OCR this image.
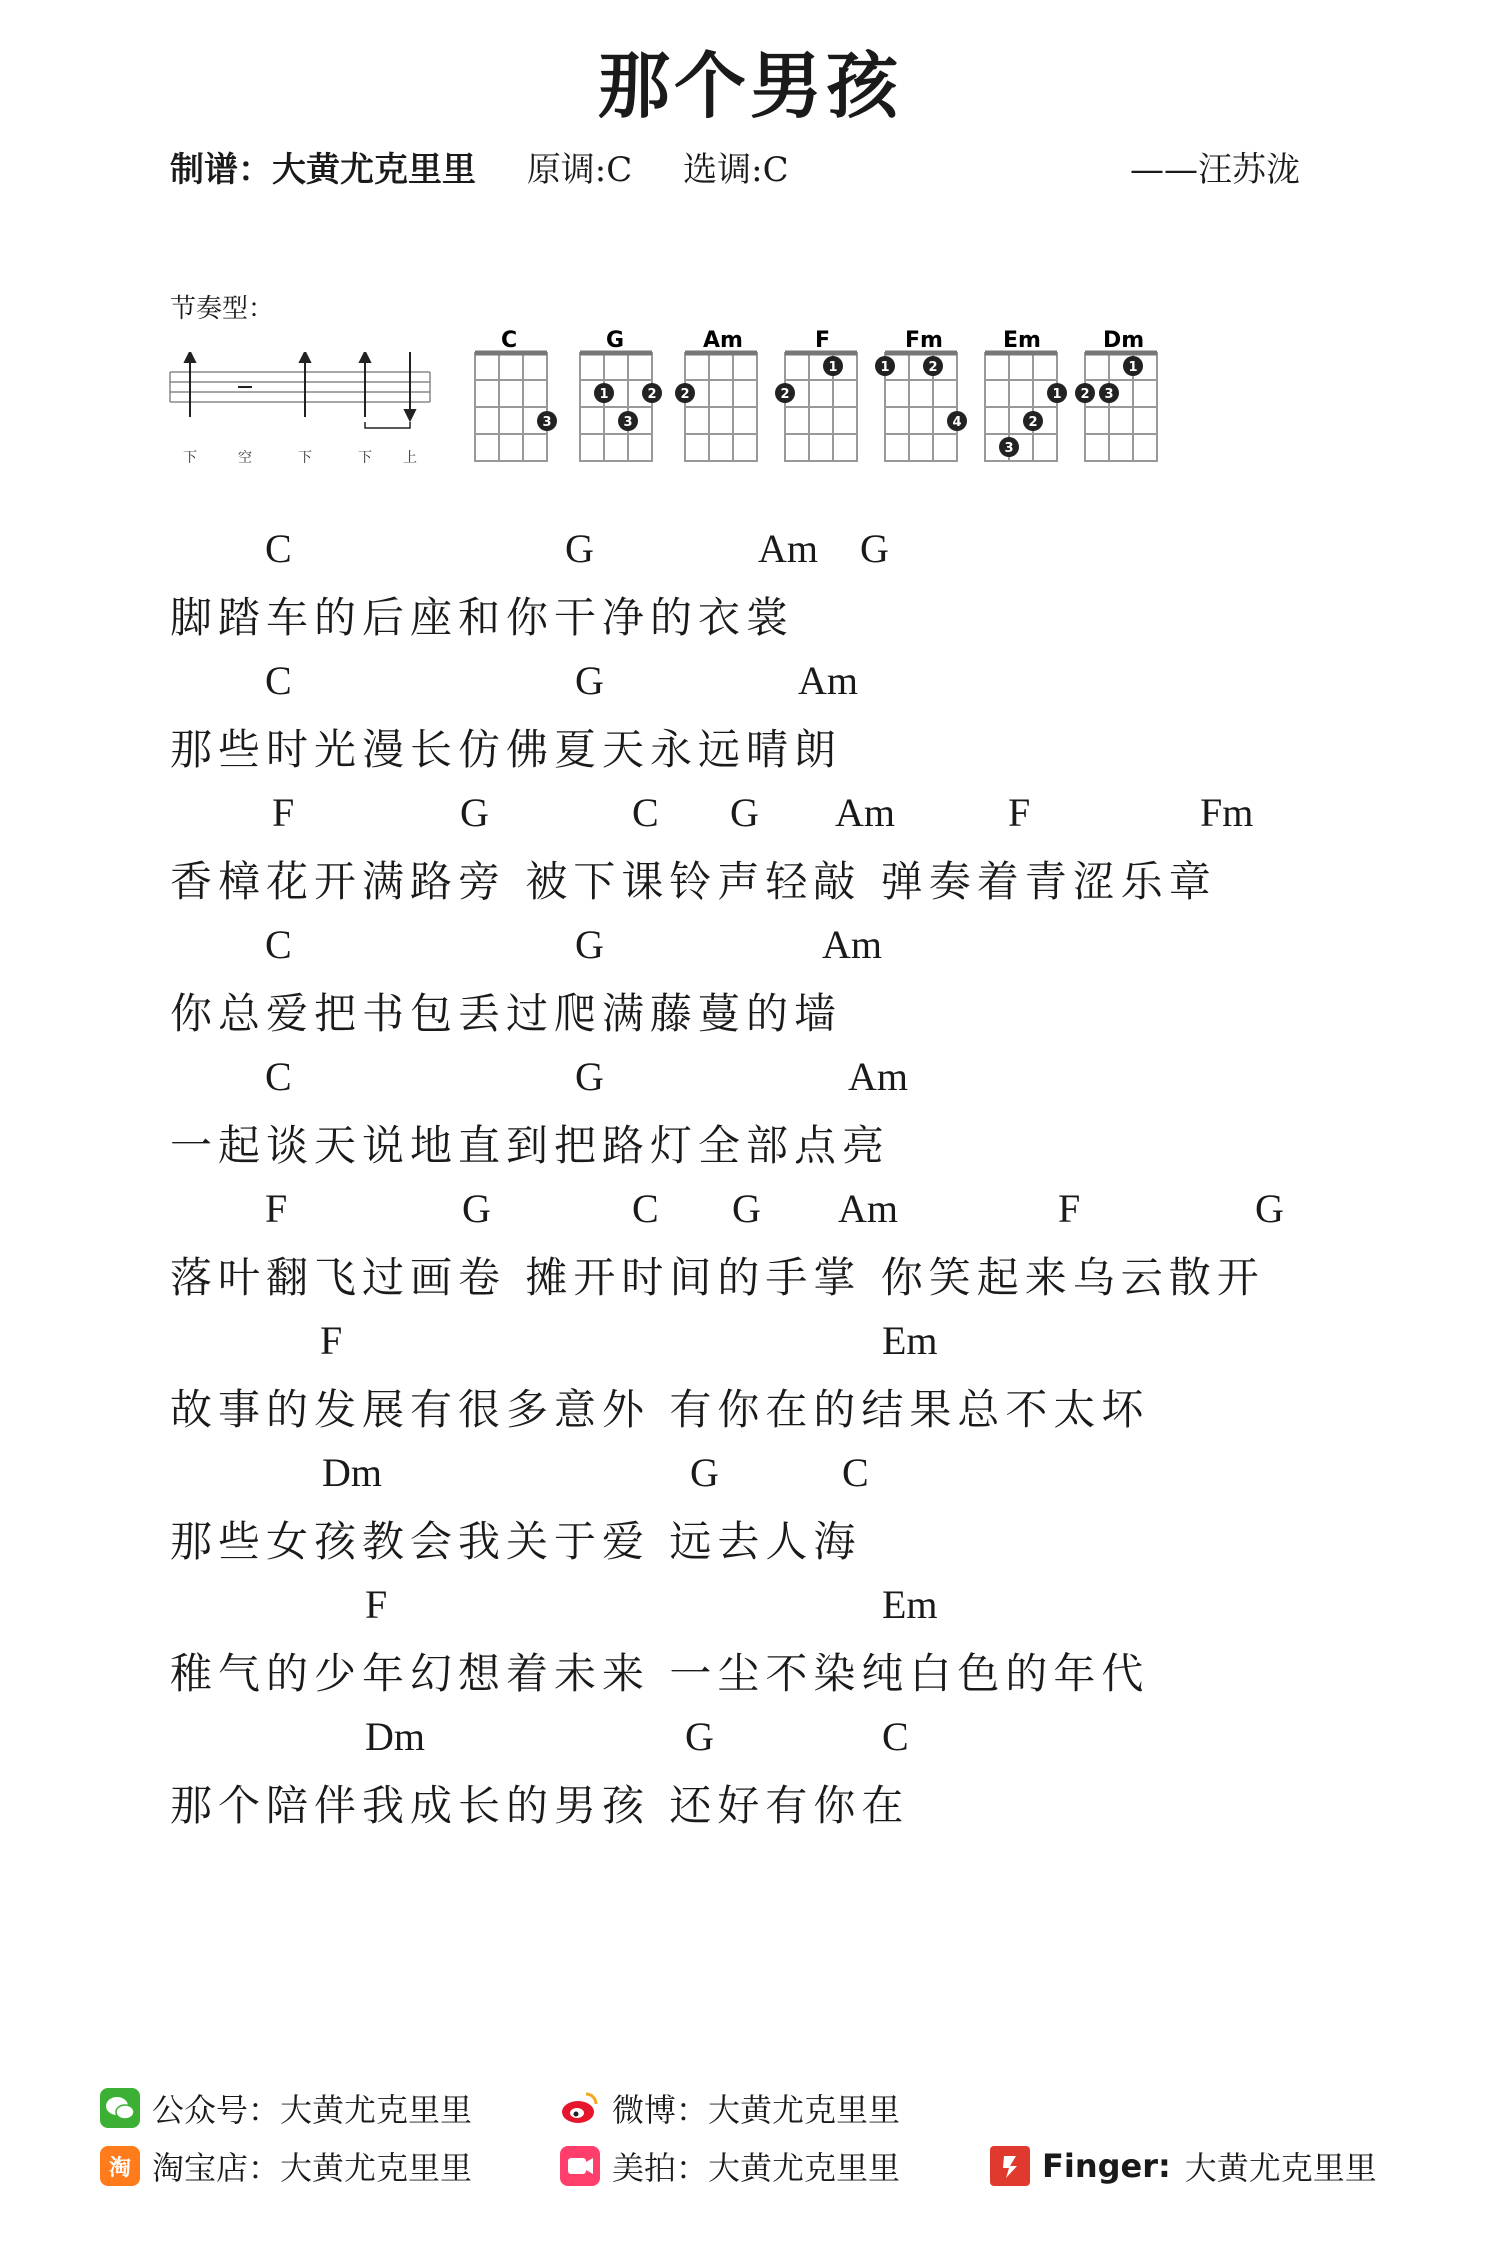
那个男孩
制谱：大黄尤克里里 原调:C 选调:C	——汪苏泷
节奏型：
下	空	下	下 上
C
3
G
1	2
3
Am
2
F
1
2
Fm
1	2
4
Em
1
2
3
Dm
1
2 3
C	G	Am G
脚踏车的后座和你干净的衣裳
C	G	Am
那些时光漫长仿佛夏天永远晴朗
F	G	C G Am	F	Fm
香樟花开满路旁 被下课铃声轻敲 弹奏着青涩乐章
C	G	Am
你总爱把书包丢过爬满藤蔓的墙
C	G	Am
一起谈天说地直到把路灯全部点亮
F	G	C G Am	F	G
落叶翻飞过画卷 摊开时间的手掌 你笑起来乌云散开
F	Em
故事的发展有很多意外 有你在的结果总不太坏
Dm	G	C
那些女孩教会我关于爱 远去人海
F	Em
稚气的少年幻想着未来 一尘不染纯白色的年代
Dm	G	C
那个陪伴我成长的男孩 还好有你在
公众号：大黄尤克里里	微博：大黄尤克里里
淘 淘宝店：大黄尤克里里	美拍：大黄尤克里里	Finger: 大黄尤克里里
